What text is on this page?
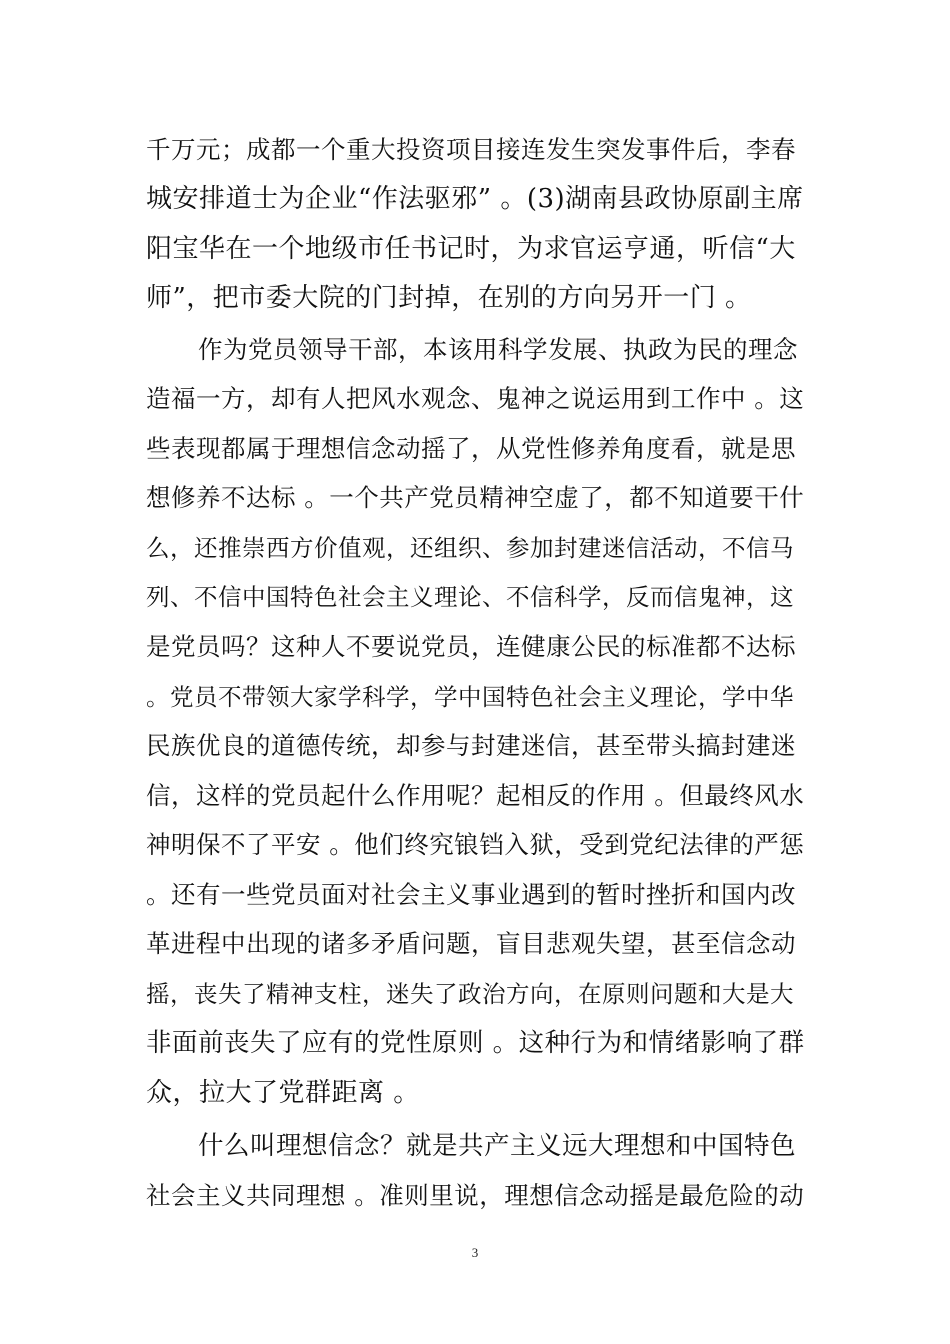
千万元；成都一个重大投资项目接连发生突发事件后，李春
城安排道士为企业“作法驱邪” 。(3)湖南县政协原副主席
阳宝华在一个地级市任书记时，为求官运亨通，听信“大
师”，把市委大院的门封掉，在别的方向另开一门 。
作为党员领导干部，本该用科学发展、执政为民的理念
造福一方，却有人把风水观念、鬼神之说运用到工作中 。这
些表现都属于理想信念动摇了，从党性修养角度看，就是思
想修养不达标 。一个共产党员精神空虚了，都不知道要干什
么，还推崇西方价值观，还组织、参加封建迷信活动，不信马
列、不信中国特色社会主义理论、不信科学，反而信鬼神，这
是党员吗？这种人不要说党员，连健康公民的标准都不达标
。党员不带领大家学科学，学中国特色社会主义理论，学中华
民族优良的道德传统，却参与封建迷信，甚至带头搞封建迷
信，这样的党员起什么作用呢？起相反的作用 。但最终风水
神明保不了平安 。他们终究锒铛入狱，受到党纪法律的严惩
。还有一些党员面对社会主义事业遇到的暂时挫折和国内改
革进程中出现的诸多矛盾问题，盲目悲观失望，甚至信念动
摇，丧失了精神支柱，迷失了政治方向，在原则问题和大是大
非面前丧失了应有的党性原则 。这种行为和情绪影响了群
众，拉大了党群距离 。
什么叫理想信念？就是共产主义远大理想和中国特色
社会主义共同理想 。准则里说，理想信念动摇是最危险的动
3
